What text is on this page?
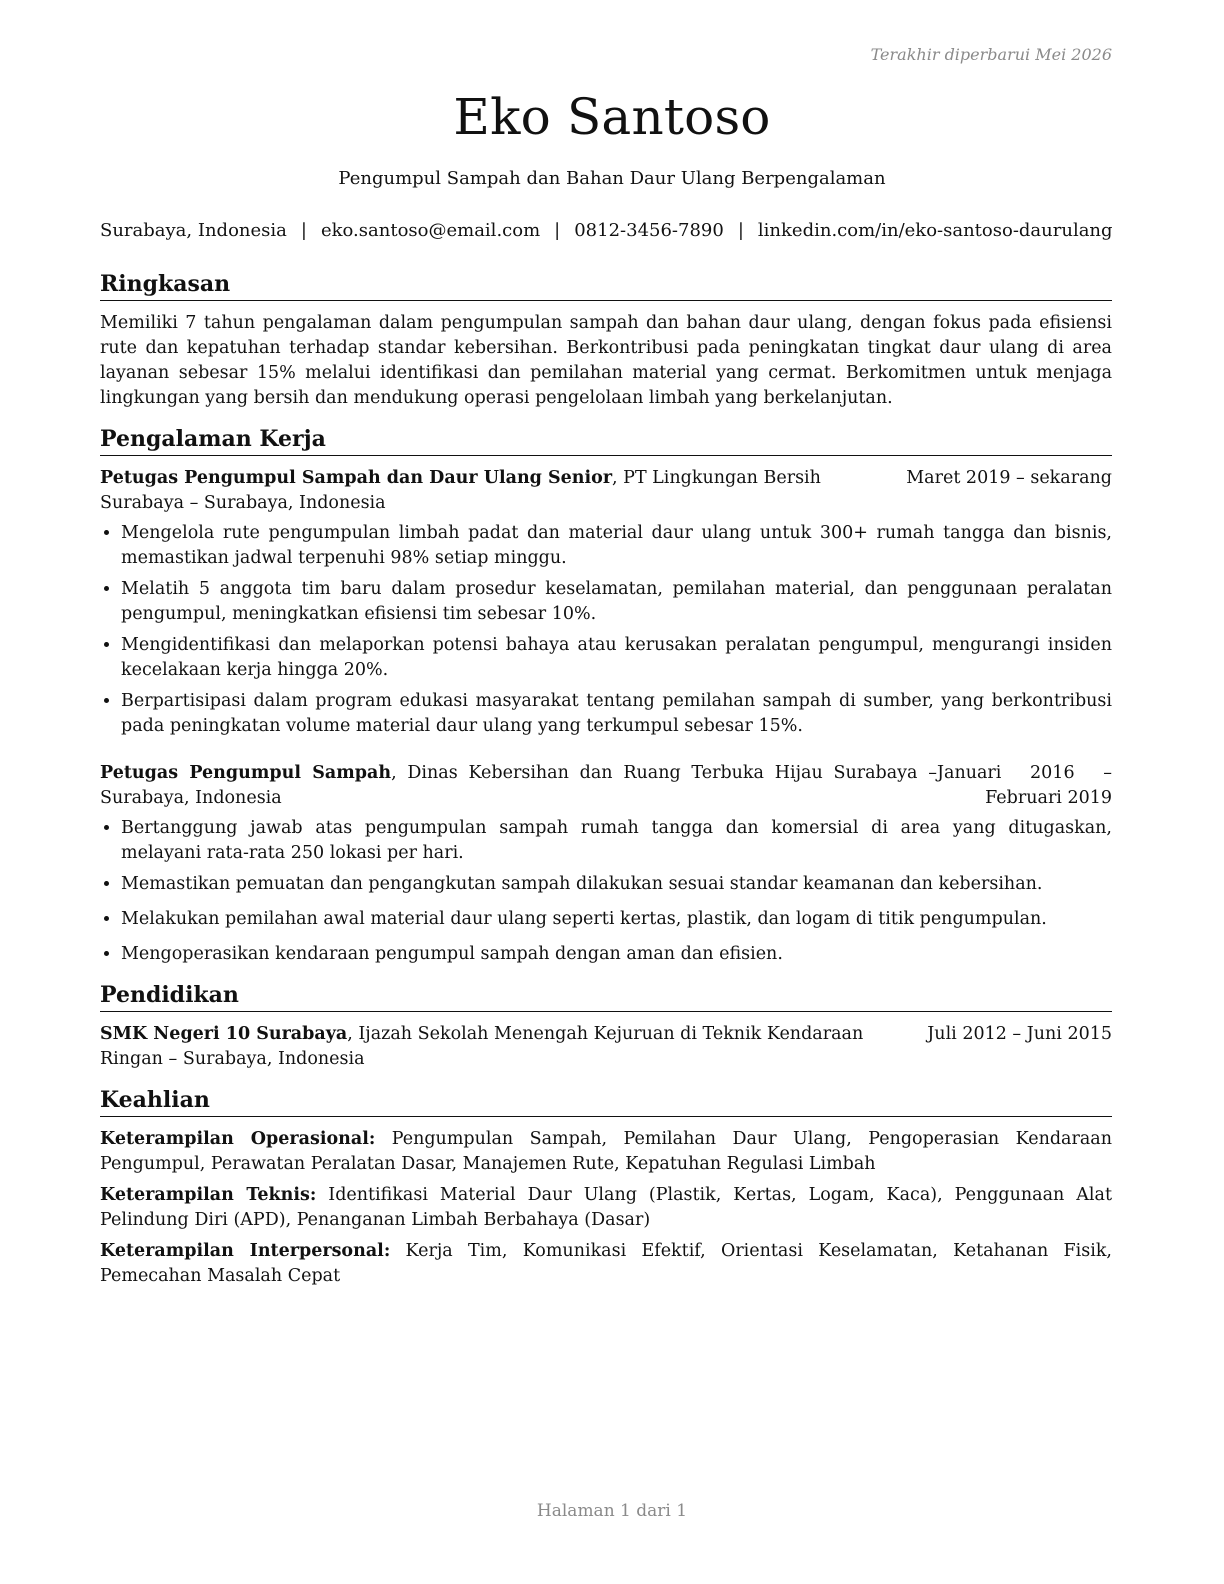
Terakhir diperbarui Mei 2026
Eko Santoso
Pengumpul Sampah dan Bahan Daur Ulang Berpengalaman
Surabaya, Indonesia | eko.santoso@email.com | 0812-3456-7890 | linkedin.com/in/eko-santoso-daurulang
Ringkasan

Memiliki 7 tahun pengalaman dalam pengumpulan sampah dan bahan daur ulang, dengan fokus pada efisiensi rute dan kepatuhan terhadap standar kebersihan. Berkontribusi pada peningkatan tingkat daur ulang di area layanan sebesar 15% melalui identifikasi dan pemilahan material yang cermat. Berkomitmen untuk menjaga lingkungan yang bersih dan mendukung operasi pengelolaan limbah yang berkelanjutan.

Pengalaman Kerja
Petugas Pengumpul Sampah dan Daur Ulang Senior, PT Lingkungan Bersih Surabaya – Surabaya, Indonesia
Maret 2019 – sekarang
• Mengelola rute pengumpulan limbah padat dan material daur ulang untuk 300+ rumah tangga dan bisnis, memastikan jadwal terpenuhi 98% setiap minggu.
• Melatih 5 anggota tim baru dalam prosedur keselamatan, pemilahan material, dan penggunaan peralatan pengumpul, meningkatkan efisiensi tim sebesar 10%.
• Mengidentifikasi dan melaporkan potensi bahaya atau kerusakan peralatan pengumpul, mengurangi insiden kecelakaan kerja hingga 20%.
• Berpartisipasi dalam program edukasi masyarakat tentang pemilahan sampah di sumber, yang berkontribusi pada peningkatan volume material daur ulang yang terkumpul sebesar 15%.
Petugas Pengumpul Sampah, Dinas Kebersihan dan Ruang Terbuka Hijau Surabaya – Surabaya, Indonesia
Januari 2016 – Februari 2019
• Bertanggung jawab atas pengumpulan sampah rumah tangga dan komersial di area yang ditugaskan, melayani rata-rata 250 lokasi per hari.
• Memastikan pemuatan dan pengangkutan sampah dilakukan sesuai standar keamanan dan kebersihan.
• Melakukan pemilahan awal material daur ulang seperti kertas, plastik, dan logam di titik pengumpulan.
• Mengoperasikan kendaraan pengumpul sampah dengan aman dan efisien.
Pendidikan
SMK Negeri 10 Surabaya, Ijazah Sekolah Menengah Kejuruan di Teknik Kendaraan Ringan – Surabaya, Indonesia
Juli 2012 – Juni 2015
Keahlian

Keterampilan Operasional: Pengumpulan Sampah, Pemilahan Daur Ulang, Pengoperasian Kendaraan Pengumpul, Perawatan Peralatan Dasar, Manajemen Rute, Kepatuhan Regulasi Limbah

Keterampilan Teknis: Identifikasi Material Daur Ulang (Plastik, Kertas, Logam, Kaca), Penggunaan Alat Pelindung Diri (APD), Penanganan Limbah Berbahaya (Dasar)

Keterampilan Interpersonal: Kerja Tim, Komunikasi Efektif, Orientasi Keselamatan, Ketahanan Fisik, Pemecahan Masalah Cepat

Halaman 1 dari 1
